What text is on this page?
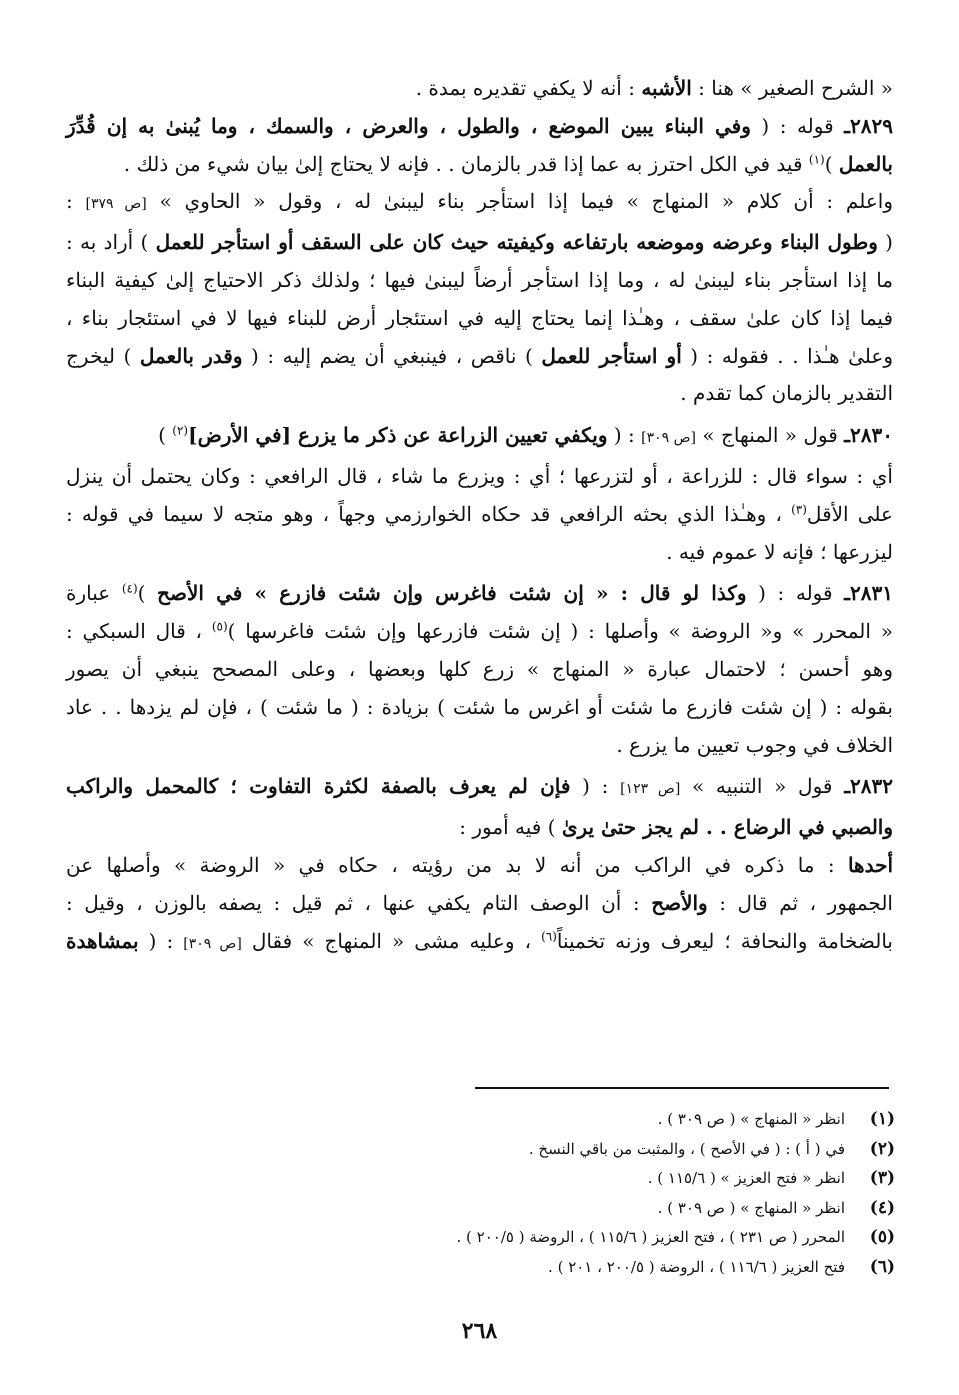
« الشرح الصغير » هنا : الأشبه : أنه لا يكفي تقديره بمدة .
٢٨٢٩ـ قوله : ( وفي البناء يبين الموضع ، والطول ، والعرض ، والسمك ، وما يُبنىٰ به إن قُدِّرَ
بالعمل )$^{(١)}$ قيد في الكل احترز به عما إذا قدر بالزمان . . فإنه لا يحتاج إلىٰ بيان شيء من ذلك .
واعلم : أن كلام « المنهاج » فيما إذا استأجر بناء ليبنىٰ له ، وقول « الحاوي » [ص ٣٧٩] :
( وطول البناء وعرضه وموضعه بارتفاعه وكيفيته حيث كان على السقف أو استأجر للعمل ) أراد به :
ما إذا استأجر بناء ليبنىٰ له ، وما إذا استأجر أرضاً ليبنىٰ فيها ؛ ولذلك ذكر الاحتياج إلىٰ كيفية البناء
فيما إذا كان علىٰ سقف ، وهـٰذا إنما يحتاج إليه في استئجار أرض للبناء فيها لا في استئجار بناء ،
وعلىٰ هـٰذا . . فقوله : ( أو استأجر للعمل ) ناقص ، فينبغي أن يضم إليه : ( وقدر بالعمل ) ليخرج
التقدير بالزمان كما تقدم .
٢٨٣٠ـ قول « المنهاج » [ص ٣٠٩] : ( ويكفي تعيين الزراعة عن ذكر ما يزرع [في الأرض]$^{(٢)}$ )
أي : سواء قال : للزراعة ، أو لتزرعها ؛ أي : ويزرع ما شاء ، قال الرافعي : وكان يحتمل أن ينزل
على الأقل$^{(٣)}$ ، وهـٰذا الذي بحثه الرافعي قد حكاه الخوارزمي وجهاً ، وهو متجه لا سيما في قوله :
ليزرعها ؛ فإنه لا عموم فيه .
٢٨٣١ـ قوله : ( وكذا لو قال : « إن شئت فاغرس وإن شئت فازرع » في الأصح )$^{(٤)}$ عبارة
« المحرر » و« الروضة » وأصلها : ( إن شئت فازرعها وإن شئت فاغرسها )$^{(٥)}$ ، قال السبكي :
وهو أحسن ؛ لاحتمال عبارة « المنهاج » زرع كلها وبعضها ، وعلى المصحح ينبغي أن يصور
بقوله : ( إن شئت فازرع ما شئت أو اغرس ما شئت ) بزيادة : ( ما شئت ) ، فإن لم يزدها . . عاد
الخلاف في وجوب تعيين ما يزرع .
٢٨٣٢ـ قول « التنبيه » [ص ١٢٣] : ( فإن لم يعرف بالصفة لكثرة التفاوت ؛ كالمحمل والراكب
والصبي في الرضاع . . لم يجز حتىٰ يرىٰ ) فيه أمور :
أحدها : ما ذكره في الراكب من أنه لا بد من رؤيته ، حكاه في « الروضة » وأصلها عن
الجمهور ، ثم قال : والأصح : أن الوصف التام يكفي عنها ، ثم قيل : يصفه بالوزن ، وقيل :
بالضخامة والنحافة ؛ ليعرف وزنه تخميناً$^{(٦)}$ ، وعليه مشى « المنهاج » فقال [ص ٣٠٩] : ( بمشاهدة
(١)انظر « المنهاج » ( ص ٣٠٩ ) .
(٢)في ( أ ) : ( في الأصح ) ، والمثبت من باقي النسخ .
(٣)انظر « فتح العزيز » ( ١١٥/٦ ) .
(٤)انظر « المنهاج » ( ص ٣٠٩ ) .
(٥)المحرر ( ص ٢٣١ ) ، فتح العزيز ( ١١٥/٦ ) ، الروضة ( ٢٠٠/٥ ) .
(٦)فتح العزيز ( ١١٦/٦ ) ، الروضة ( ٢٠٠/٥ ، ٢٠١ ) .
٢٦٨
